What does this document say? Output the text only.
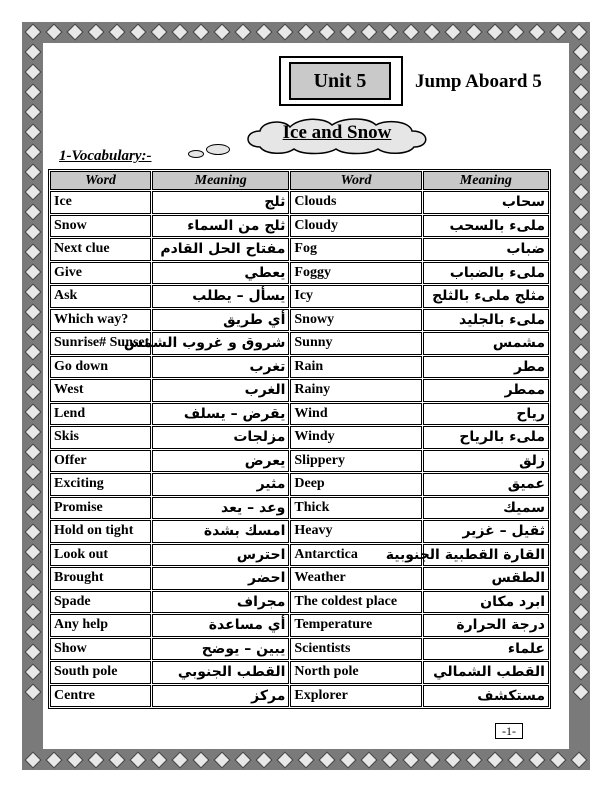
Unit 5	Jump Aboard 5
Ice and Snow
1-Vocabulary:-
Word	Meaning	Word	Meaning
Ice	ثلج	Clouds	سحاب
Snow	ثلج من السماء	Cloudy	ملىء بالسحب
Next clue	مفتاح الحل القادم	Fog	ضباب
Give	يعطي	Foggy	ملىء بالضباب
Ask	يسأل – يطلب	Icy	مثلج ملىء بالثلج
Which way?	أي طريق	Snowy	ملىء بالجليد
Sunrise# Sunset	شروق و غروب الشمس	Sunny	مشمس
Go down	تغرب	Rain	مطر
West	الغرب	Rainy	ممطر
Lend	يقرض – يسلف	Wind	رياح
Skis	مزلجات	Windy	ملىء بالرياح
Offer	يعرض	Slippery	زلق
Exciting	مثير	Deep	عميق
Promise	وعد – يعد	Thick	سميك
Hold on tight	امسك بشدة	Heavy	ثقيل – غزير
Look out	احترس	Antarctica	القارة القطبية الجنوبية
Brought	احضر	Weather	الطقس
Spade	مجراف	The coldest place	ابرد مكان
Any help	أي مساعدة	Temperature	درجة الحرارة
Show	يبين – يوضح	Scientists	علماء
South pole	القطب الجنوبي	North pole	القطب الشمالي
Centre	مركز	Explorer	مستكشف
-1-
